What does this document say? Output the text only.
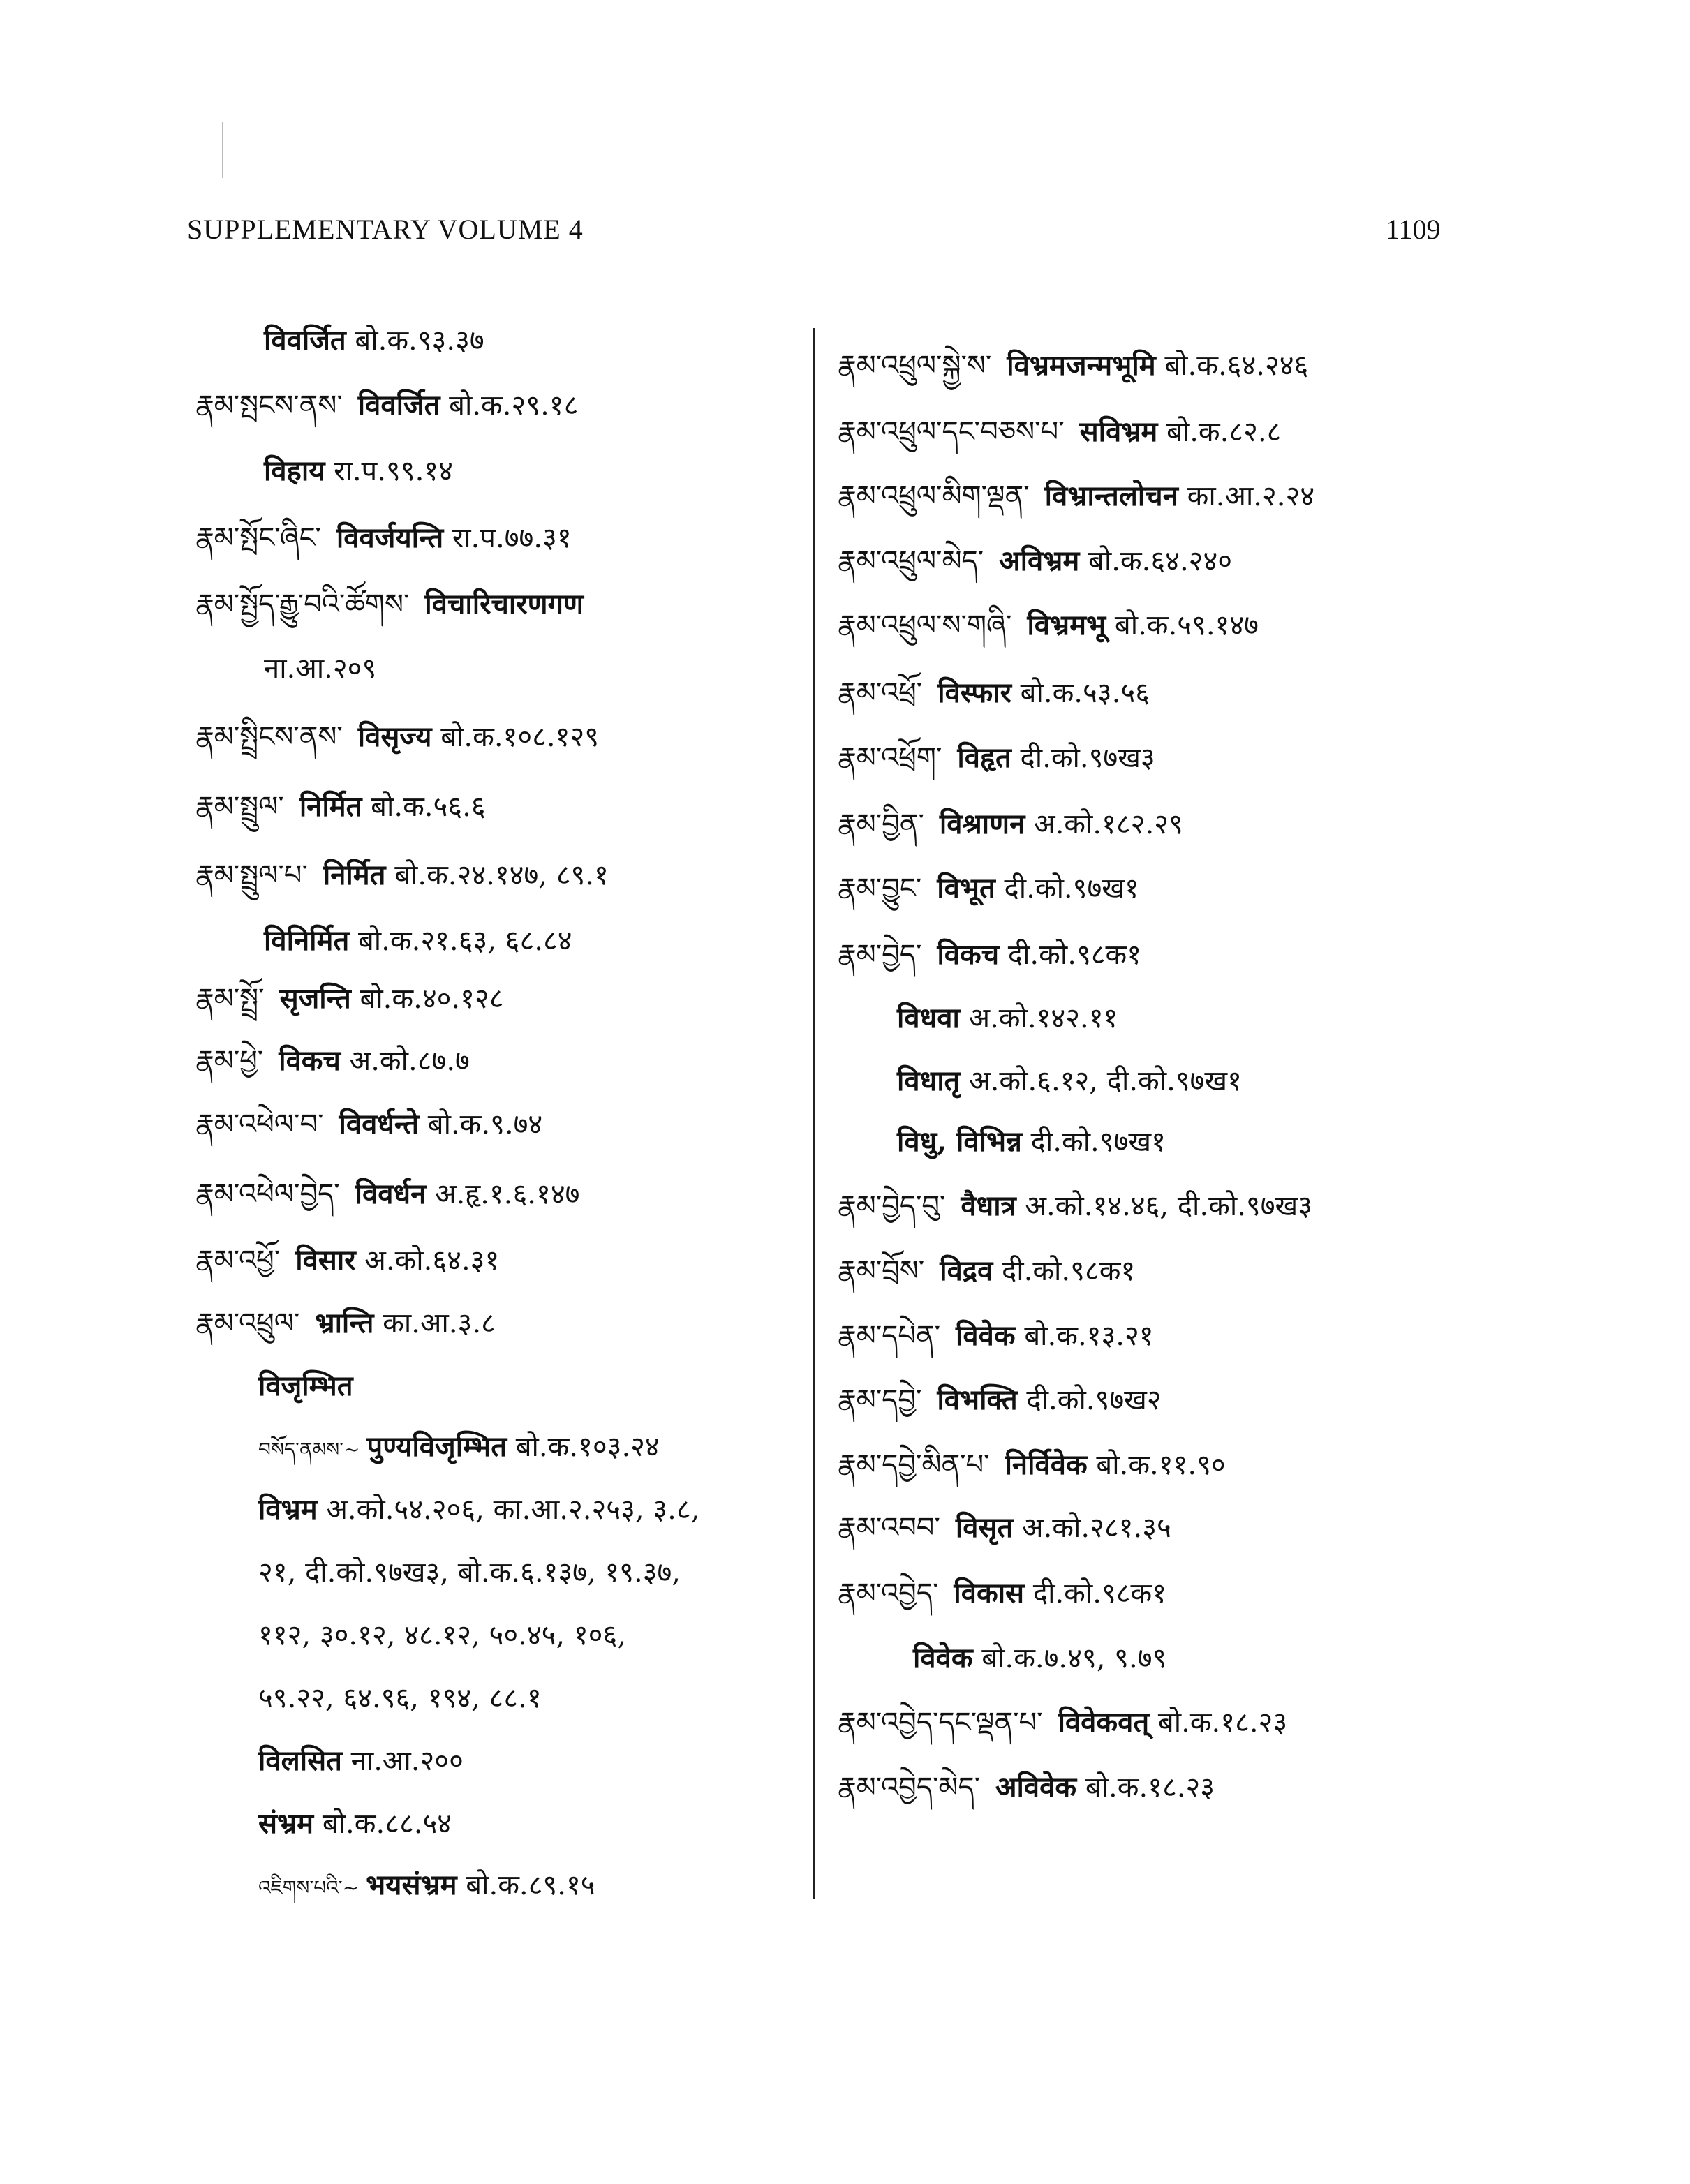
SUPPLEMENTARY VOLUME 4	1109
विवर्जित बो.क.९३.३७
རྣམ་སྤངས་ནས་ विवर्जित बो.क.२९.१८
विहाय रा.प.९९.१४
རྣམ་སྤོང་ཞིང་ विवर्जयन्ति रा.प.७७.३१
རྣམ་སྤྱོད་རྒྱུ་བའི་ཚོགས་ विचारिचारणगण
ना.आ.२०९
རྣམ་སྤྲིངས་ནས་ विसृज्य बो.क.१०८.१२९
རྣམ་སྤྲུལ་ निर्मित बो.क.५६.६
རྣམ་སྤྲུལ་པ་ निर्मित बो.क.२४.१४७, ८९.१
विनिर्मित बो.क.२१.६३, ६८.८४
རྣམ་སྤྲོ་ सृजन्ति बो.क.४०.१२८
རྣམ་ཕྱེ་ विकच अ.को.८७.७
རྣམ་འཕེལ་བ་ विवर्धन्ते बो.क.९.७४
རྣམ་འཕེལ་བྱེད་ विवर्धन अ.हृ.१.६.१४७
རྣམ་འཕྱོ་ विसार अ.को.६४.३१
རྣམ་འཕྲུལ་ भ्रान्ति का.आ.३.८
विजृम्भित
བསོད་ནམས་~ पुण्यविजृम्भित बो.क.१०३.२४
विभ्रम अ.को.५४.२०६, का.आ.२.२५३, ३.८,
२१, दी.को.९७ख३, बो.क.६.१३७, १९.३७,
११२, ३०.१२, ४८.१२, ५०.४५, १०६,
५९.२२, ६४.९६, १९४, ८८.१
विलसित ना.आ.२००
संभ्रम बो.क.८८.५४
འཇིགས་པའི་~ भयसंभ्रम बो.क.८९.१५
རྣམ་འཕྲུལ་སྐྱེ་ས་ विभ्रमजन्मभूमि बो.क.६४.२४६
རྣམ་འཕྲུལ་དང་བཅས་པ་ सविभ्रम बो.क.८२.८
རྣམ་འཕྲུལ་མིག་ལྡན་ विभ्रान्तलोचन का.आ.२.२४
རྣམ་འཕྲུལ་མེད་ अविभ्रम बो.क.६४.२४०
རྣམ་འཕྲུལ་ས་གཞི་ विभ्रमभू बो.क.५९.१४७
རྣམ་འཕྲོ་ विस्फार बो.क.५३.५६
རྣམ་འཕྲོག་ विहृत दी.को.९७ख३
རྣམ་བྱིན་ विश्राणन अ.को.१८२.२९
རྣམ་བྱུང་ विभूत दी.को.९७ख१
རྣམ་བྱེད་ विकच दी.को.९८क१
विधवा अ.को.१४२.११
विधातृ अ.को.६.१२, दी.को.९७ख१
विधु, विभिन्न दी.को.९७ख१
རྣམ་བྱེད་བུ་ वैधात्र अ.को.१४.४६, दी.को.९७ख३
རྣམ་བྲོས་ विद्रव दी.को.९८क१
རྣམ་དཔེན་ विवेक बो.क.१३.२१
རྣམ་དབྱེ་ विभक्ति दी.को.९७ख२
རྣམ་དབྱེ་མིན་པ་ निर्विवेक बो.क.११.९०
རྣམ་འབབ་ विसृत अ.को.२८१.३५
རྣམ་འབྱེད་ विकास दी.को.९८क१
विवेक बो.क.७.४९, ९.७९
རྣམ་འབྱེད་དང་ལྡན་པ་ विवेकवत् बो.क.१८.२३
རྣམ་འབྱེད་མེད་ अविवेक बो.क.१८.२३
